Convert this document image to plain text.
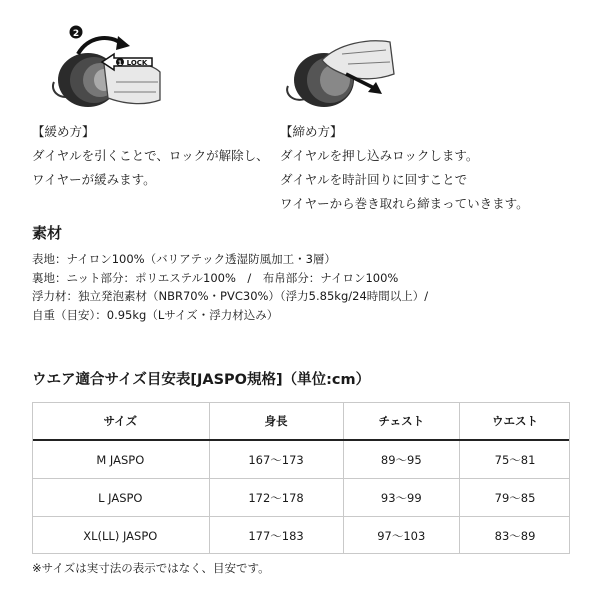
2
1 LOCK
【緩め方】
ダイヤルを引くことで、ロックが解除し、
ワイヤーが緩みます。
【締め方】
ダイヤルを押し込みロックします。
ダイヤルを時計回りに回すことで
ワイヤーから巻き取れら締まっていきます。
素材
表地：ナイロン100%（バリアテック透湿防風加工・3層）
裏地：ニット部分：ポリエステル100%　/　布帛部分：ナイロン100%
浮力材：独立発泡素材（NBR70%・PVC30%）（浮力5.85kg/24時間以上）/
自重（目安）：0.95kg（Lサイズ・浮力材込み）
ウエア適合サイズ目安表[JASPO規格]（単位:cm）
サイズ	身長	チェスト	ウエスト
M JASPO	167〜173	89〜95	75〜81
L JASPO	172〜178	93〜99	79〜85
XL(LL) JASPO	177〜183	97〜103	83〜89
※サイズは実寸法の表示ではなく、目安です。
